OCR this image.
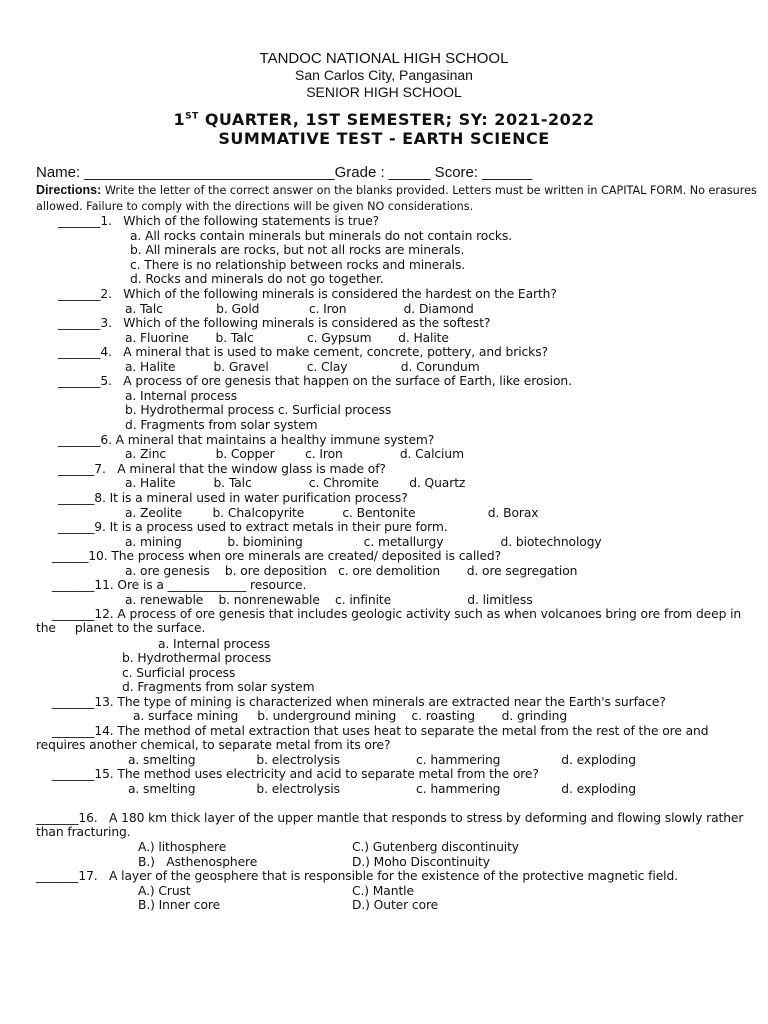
TANDOC NATIONAL HIGH SCHOOL
San Carlos City, Pangasinan
SENIOR HIGH SCHOOL
1ST QUARTER, 1ST SEMESTER; SY: 2021-2022
SUMMATIVE TEST - EARTH SCIENCE
Name: ______________________________Grade : _____ Score: ______
Directions: Write the letter of the correct answer on the blanks provided. Letters must be written in CAPITAL FORM. No erasures allowed. Failure to comply with the directions will be given NO considerations.
_______1.   Which of the following statements is true?
a. All rocks contain minerals but minerals do not contain rocks.
b. All minerals are rocks, but not all rocks are minerals.
c. There is no relationship between rocks and minerals.
d. Rocks and minerals do not go together.
_______2.   Which of the following minerals is considered the hardest on the Earth?
a. Talc              b. Gold             c. Iron               d. Diamond
_______3.   Which of the following minerals is considered as the softest?
a. Fluorine       b. Talc              c. Gypsum       d. Halite
_______4.   A mineral that is used to make cement, concrete, pottery, and bricks?
a. Halite          b. Gravel          c. Clay              d. Corundum
_______5.   A process of ore genesis that happen on the surface of Earth, like erosion.
a. Internal process
b. Hydrothermal process c. Surficial process
d. Fragments from solar system
_______6. A mineral that maintains a healthy immune system?
a. Zinc             b. Copper        c. Iron               d. Calcium
______7.   A mineral that the window glass is made of?
a. Halite          b. Talc               c. Chromite        d. Quartz
______8. It is a mineral used in water purification process?
a. Zeolite        b. Chalcopyrite          c. Bentonite                   d. Borax
______9. It is a process used to extract metals in their pure form.
a. mining            b. biomining                c. metallurgy               d. biotechnology
______10. The process when ore minerals are created/ deposited is called?
a. ore genesis    b. ore deposition   c. ore demolition       d. ore segregation
_______11. Ore is a _____________ resource.
a. renewable    b. nonrenewable    c. infinite                    d. limitless
_______12. A process of ore genesis that includes geologic activity such as when volcanoes bring ore from deep in the     planet to the surface.
a. Internal process
b. Hydrothermal process
c. Surficial process
d. Fragments from solar system
_______13. The type of mining is characterized when minerals are extracted near the Earth's surface?
a. surface mining     b. underground mining    c. roasting       d. grinding
_______14. The method of metal extraction that uses heat to separate the metal from the rest of the ore and requires another chemical, to separate metal from its ore?
a. smelting                b. electrolysis                    c. hammering                d. exploding
_______15. The method uses electricity and acid to separate metal from the ore?
a. smelting                b. electrolysis                    c. hammering                d. exploding
_______16.   A 180 km thick layer of the upper mantle that responds to stress by deforming and flowing slowly rather than fracturing.
A.) lithosphere	C.) Gutenberg discontinuity
B.)   Asthenosphere	D.) Moho Discontinuity
_______17.   A layer of the geosphere that is responsible for the existence of the protective magnetic field.
A.) Crust	C.) Mantle
B.) Inner core	D.) Outer core
